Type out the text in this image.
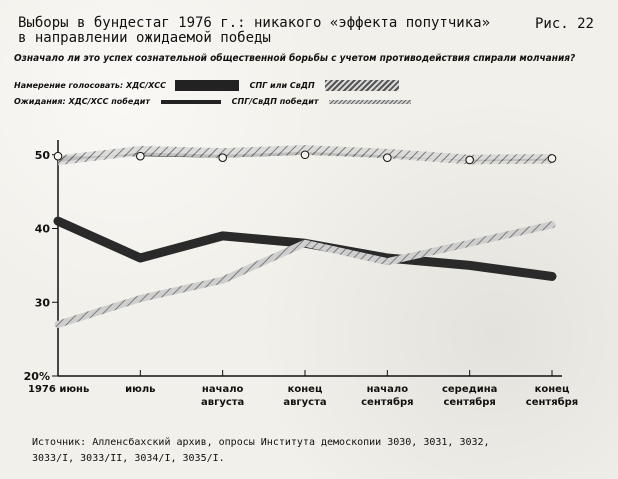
Выборы в бундестаг 1976 г.: никакого «эффекта попутчика»
в направлении ожидаемой победы
Рис. 22
Означало ли это успех сознательной общественной борьбы с учетом противодействия спирали молчания?
Намерение голосовать: ХДС/ХСС	СПГ или СвДП
Ожидания: ХДС/ХСС победит	СПГ/СвДП победит
1976 июнь	июль	начало
августа
конец
августа
начало
сентября
середина
сентября
конец
сентября
20%
30
40
50
Источник: Алленсбахский архив, опросы Института демоскопии 3030, 3031, 3032,
3033/I, 3033/II, 3034/I, 3035/I.
